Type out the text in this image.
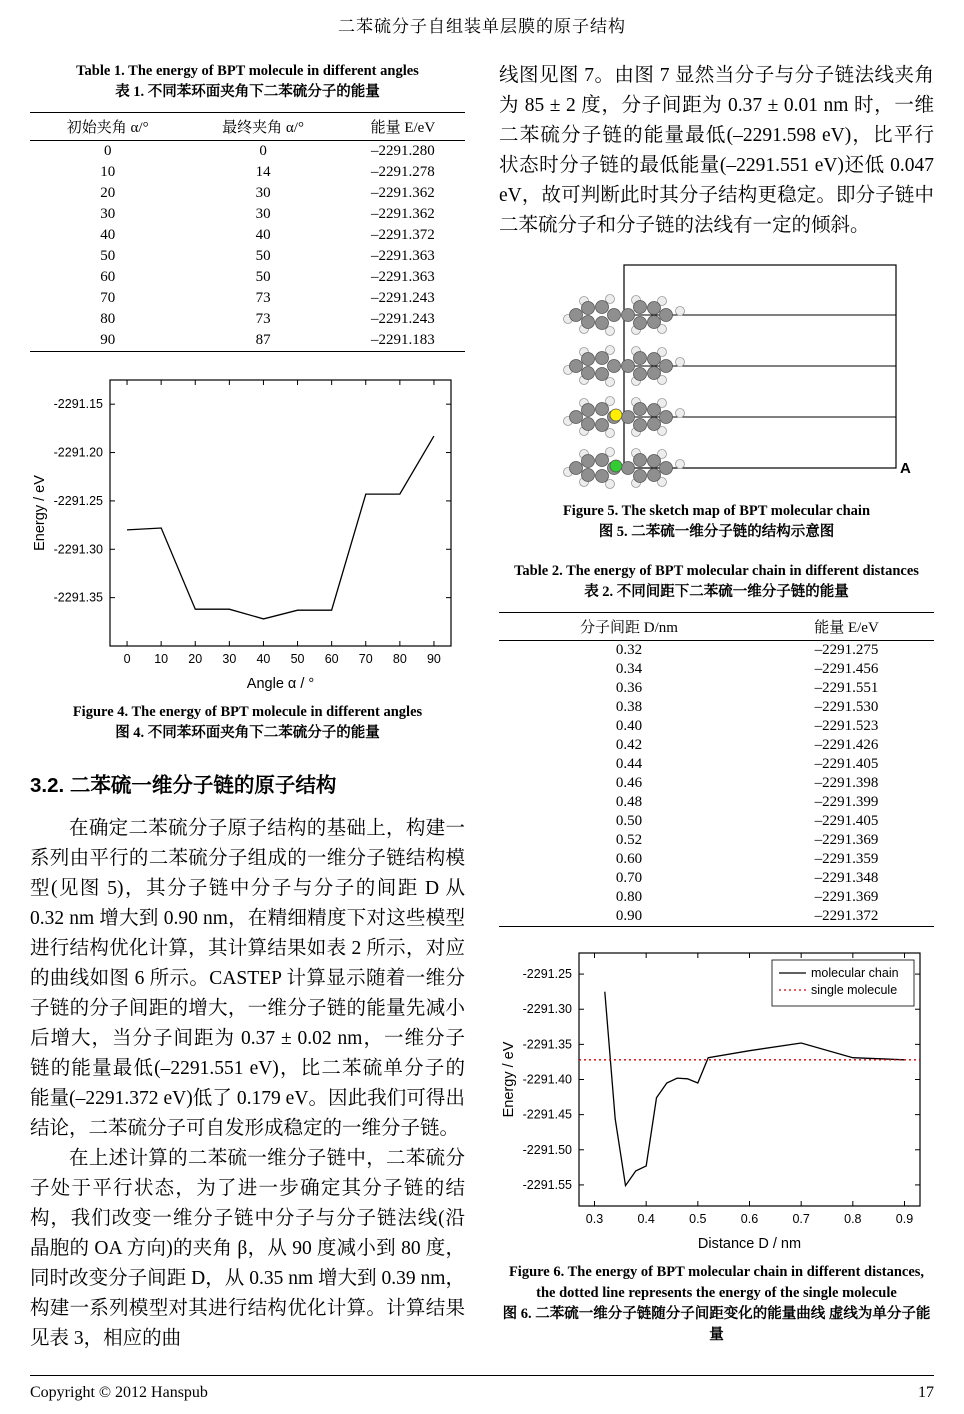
二苯硫分子自组装单层膜的原子结构
Table 1. The energy of BPT molecule in different angles
表 1. 不同苯环面夹角下二苯硫分子的能量
初始夹角 α/°	最终夹角 α/°	能量 E/eV
0	0	–2291.280
10	14	–2291.278
20	30	–2291.362
30	30	–2291.362
40	40	–2291.372
50	50	–2291.363
60	50	–2291.363
70	73	–2291.243
80	73	–2291.243
90	87	–2291.183
0 10 20 30 40 50 60 70 80 90
-2291.15
-2291.20
-2291.25
-2291.30
-2291.35
Angle α / °
Energy / eV
Figure 4. The energy of BPT molecule in different angles
图 4. 不同苯环面夹角下二苯硫分子的能量
3.2. 二苯硫一维分子链的原子结构

在确定二苯硫分子原子结构的基础上，构建一系列由平行的二苯硫分子组成的一维分子链结构模型(见图 5)，其分子链中分子与分子的间距 D 从 0.32 nm 增大到 0.90 nm，在精细精度下对这些模型进行结构优化计算，其计算结果如表 2 所示，对应的曲线如图 6 所示。CASTEP 计算显示随着一维分子链的分子间距的增大，一维分子链的能量先减小后增大，当分子间距为 0.37 ± 0.02 nm，一维分子链的能量最低(–2291.551 eV)，比二苯硫单分子的能量(–2291.372 eV)低了 0.179 eV。因此我们可得出结论，二苯硫分子可自发形成稳定的一维分子链。

在上述计算的二苯硫一维分子链中，二苯硫分子处于平行状态，为了进一步确定其分子链的结构，我们改变一维分子链中分子与分子链法线(沿晶胞的 OA 方向)的夹角 β，从 90 度减小到 80 度，同时改变分子间距 D，从 0.35 nm 增大到 0.39 nm，构建一系列模型对其进行结构优化计算。计算结果见表 3，相应的曲

线图见图 7。由图 7 显然当分子与分子链法线夹角为 85 ± 2 度，分子间距为 0.37 ± 0.01 nm 时，一维二苯硫分子链的能量最低(–2291.598 eV)，比平行状态时分子链的最低能量(–2291.551 eV)还低 0.047 eV，故可判断此时其分子结构更稳定。即分子链中二苯硫分子和分子链的法线有一定的倾斜。

A
Figure 5. The sketch map of BPT molecular chain
图 5. 二苯硫一维分子链的结构示意图
Table 2. The energy of BPT molecular chain in different distances
表 2. 不同间距下二苯硫一维分子链的能量
分子间距 D/nm	能量 E/eV
0.32	–2291.275
0.34	–2291.456
0.36	–2291.551
0.38	–2291.530
0.40	–2291.523
0.42	–2291.426
0.44	–2291.405
0.46	–2291.398
0.48	–2291.399
0.50	–2291.405
0.52	–2291.369
0.60	–2291.359
0.70	–2291.348
0.80	–2291.369
0.90	–2291.372
0.3	0.4	0.5	0.6	0.7	0.8	0.9
-2291.25
-2291.30
-2291.35
-2291.40
-2291.45
-2291.50
-2291.55
Distance D / nm
Energy / eV
molecular chain
single molecule
Figure 6. The energy of BPT molecular chain in different distances, the dotted line represents the energy of the single molecule
图 6. 二苯硫一维分子链随分子间距变化的能量曲线 虚线为单分子能量
Copyright © 2012 Hanspub	17
